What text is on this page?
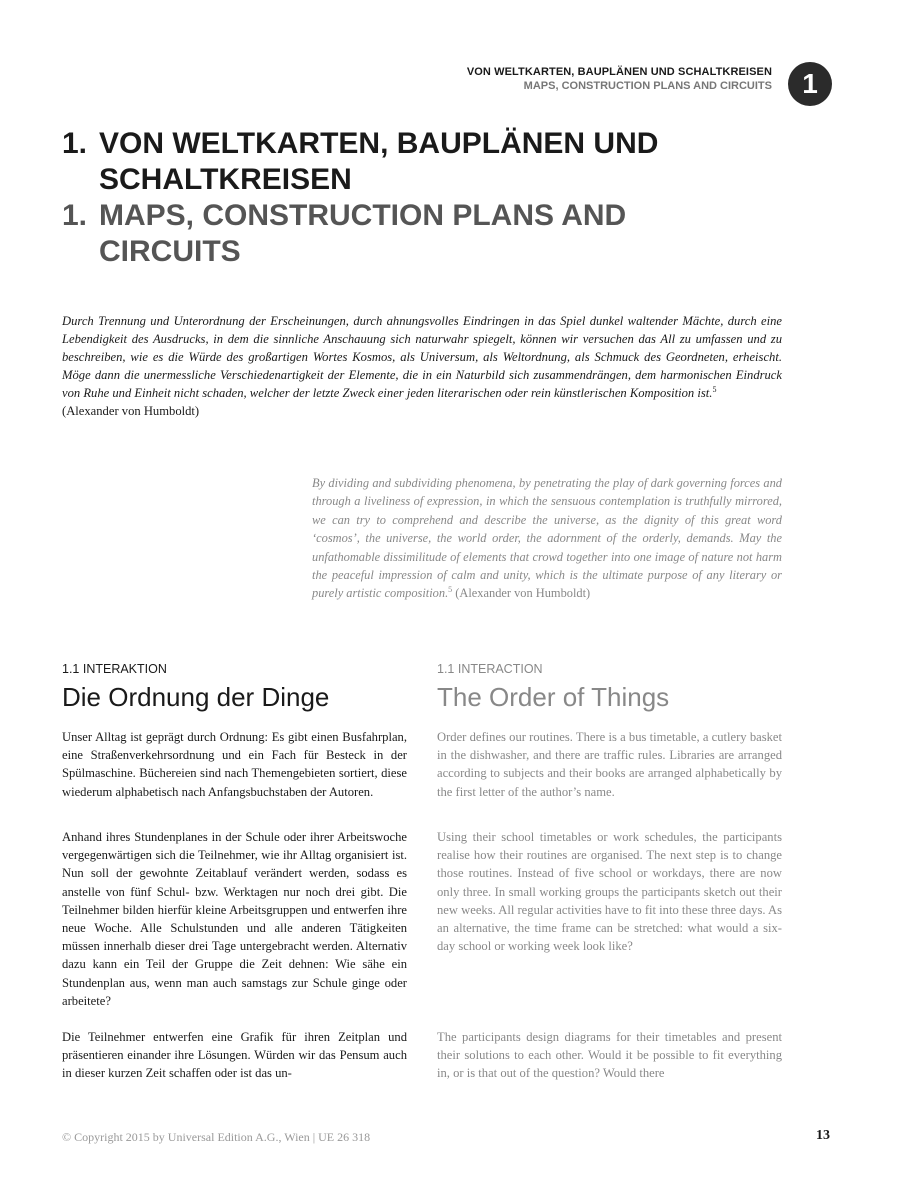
VON WELTKARTEN, BAUPLÄNEN UND SCHALTKREISEN
MAPS, CONSTRUCTION PLANS AND CIRCUITS	1
1. VON WELTKARTEN, BAUPLÄNEN UND
SCHALTKREISEN
1. MAPS, CONSTRUCTION PLANS AND
CIRCUITS
Durch Trennung und Unterordnung der Erscheinungen, durch ahnungsvolles Eindringen in das Spiel dunkel waltender Mächte, durch eine Lebendigkeit des Ausdrucks, in dem die sinnliche Anschauung sich naturwahr spiegelt, können wir versuchen das All zu umfassen und zu beschreiben, wie es die Würde des großartigen Wortes Kosmos, als Universum, als Weltordnung, als Schmuck des Geordneten, erheischt. Möge dann die unermessliche Verschiedenartigkeit der Elemente, die in ein Naturbild sich zusammendrängen, dem harmonischen Eindruck von Ruhe und Einheit nicht schaden, welcher der letzte Zweck einer jeden literarischen oder rein künstlerischen Komposition ist.$^5$
(Alexander von Humboldt)
By dividing and subdividing phenomena, by penetrating the play of dark governing forces and through a liveliness of expression, in which the sensuous contemplation is truthfully mirrored, we can try to comprehend and describe the universe, as the dignity of this great word ‘cosmos’, the universe, the world order, the adornment of the orderly, demands. May the unfathomable dissimilitude of elements that crowd together into one image of nature not harm the peaceful impression of calm and unity, which is the ultimate purpose of any literary or purely artistic composition.$^5$ (Alexander von Humboldt)
1.1 INTERAKTION
Die Ordnung der Dinge

Unser Alltag ist geprägt durch Ordnung: Es gibt einen Busfahrplan, eine Straßenverkehrsordnung und ein Fach für Besteck in der Spülmaschine. Büchereien sind nach Themengebieten sortiert, diese wiederum alphabetisch nach Anfangsbuchstaben der Autoren.

Anhand ihres Stundenplanes in der Schule oder ihrer Arbeitswoche vergegenwärtigen sich die Teilnehmer, wie ihr Alltag organisiert ist. Nun soll der gewohnte Zeitablauf verändert werden, sodass es anstelle von fünf Schul- bzw. Werktagen nur noch drei gibt. Die Teilnehmer bilden hierfür kleine Arbeitsgruppen und entwerfen ihre neue Woche. Alle Schulstunden und alle anderen Tätigkeiten müssen innerhalb dieser drei Tage untergebracht werden. Alternativ dazu kann ein Teil der Gruppe die Zeit dehnen: Wie sähe ein Stundenplan aus, wenn man auch samstags zur Schule ginge oder arbeitete?

Die Teilnehmer entwerfen eine Grafik für ihren Zeitplan und präsentieren einander ihre Lösungen. Würden wir das Pensum auch in dieser kurzen Zeit schaffen oder ist das un-

1.1 INTERACTION
The Order of Things

Order defines our routines. There is a bus timetable, a cutlery basket in the dishwasher, and there are traffic rules. Libraries are arranged according to subjects and their books are arranged alphabetically by the first letter of the author’s name.

Using their school timetables or work schedules, the participants realise how their routines are organised. The next step is to change those routines. Instead of five school or workdays, there are now only three. In small working groups the participants sketch out their new weeks. All regular activities have to fit into these three days. As an alternative, the time frame can be stretched: what would a six-day school or working week look like?

The participants design diagrams for their timetables and present their solutions to each other. Would it be possible to fit everything in, or is that out of the question? Would there

© Copyright 2015 by Universal Edition A.G., Wien | UE 26 318	13
